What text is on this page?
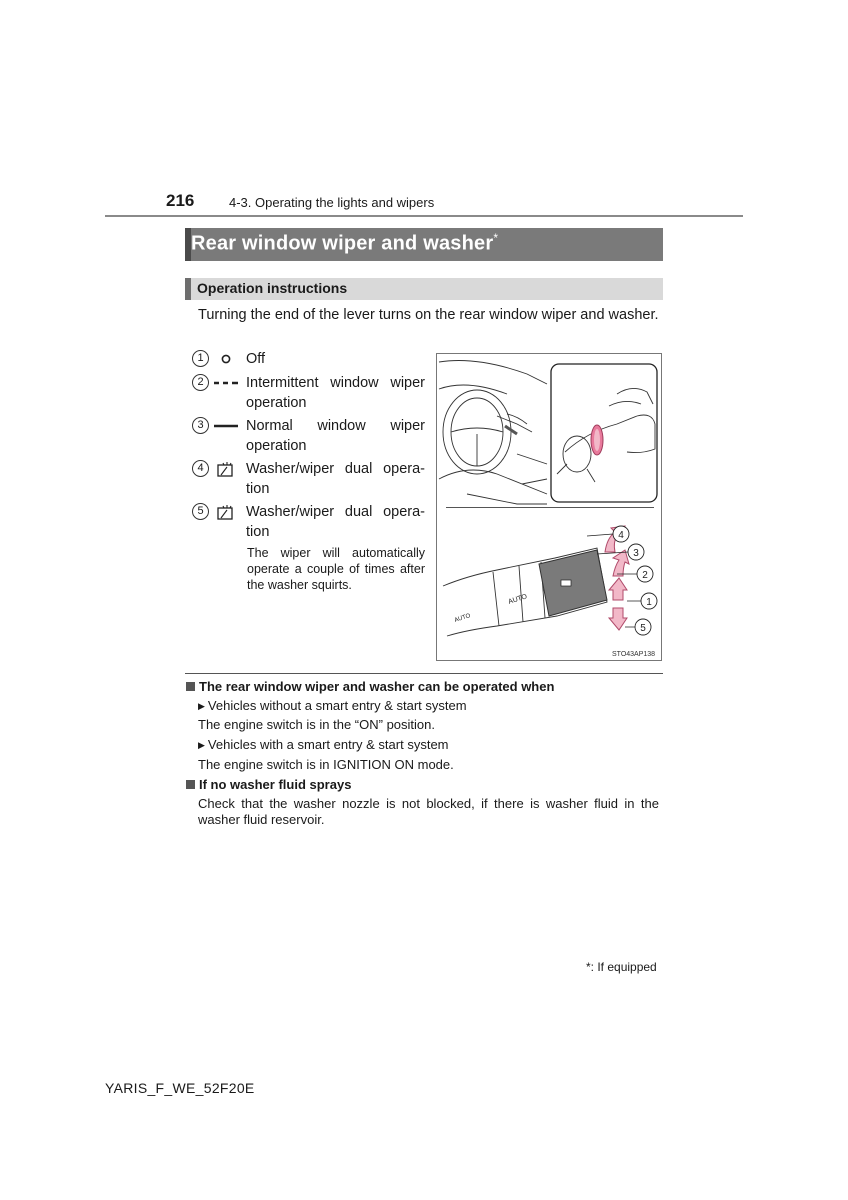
216	4-3. Operating the lights and wipers
Rear window wiper and washer*
Operation instructions
Turning the end of the lever turns on the rear window wiper and washer.
1	Off
2	Intermittent window wiper operation
3	Normal window wiper operation
4	Washer/wiper dual opera-tion
5	Washer/wiper dual opera-tion
The wiper will automatically operate a couple of times after the washer squirts.
AUTO
AUTO
4
3
2
1
5
STO43AP138
The rear window wiper and washer can be operated when
▶ Vehicles without a smart entry & start system
The engine switch is in the “ON” position.
▶ Vehicles with a smart entry & start system
The engine switch is in IGNITION ON mode.
If no washer fluid sprays
Check that the washer nozzle is not blocked, if there is washer fluid in the washer fluid reservoir.
*: If equipped
YARIS_F_WE_52F20E
